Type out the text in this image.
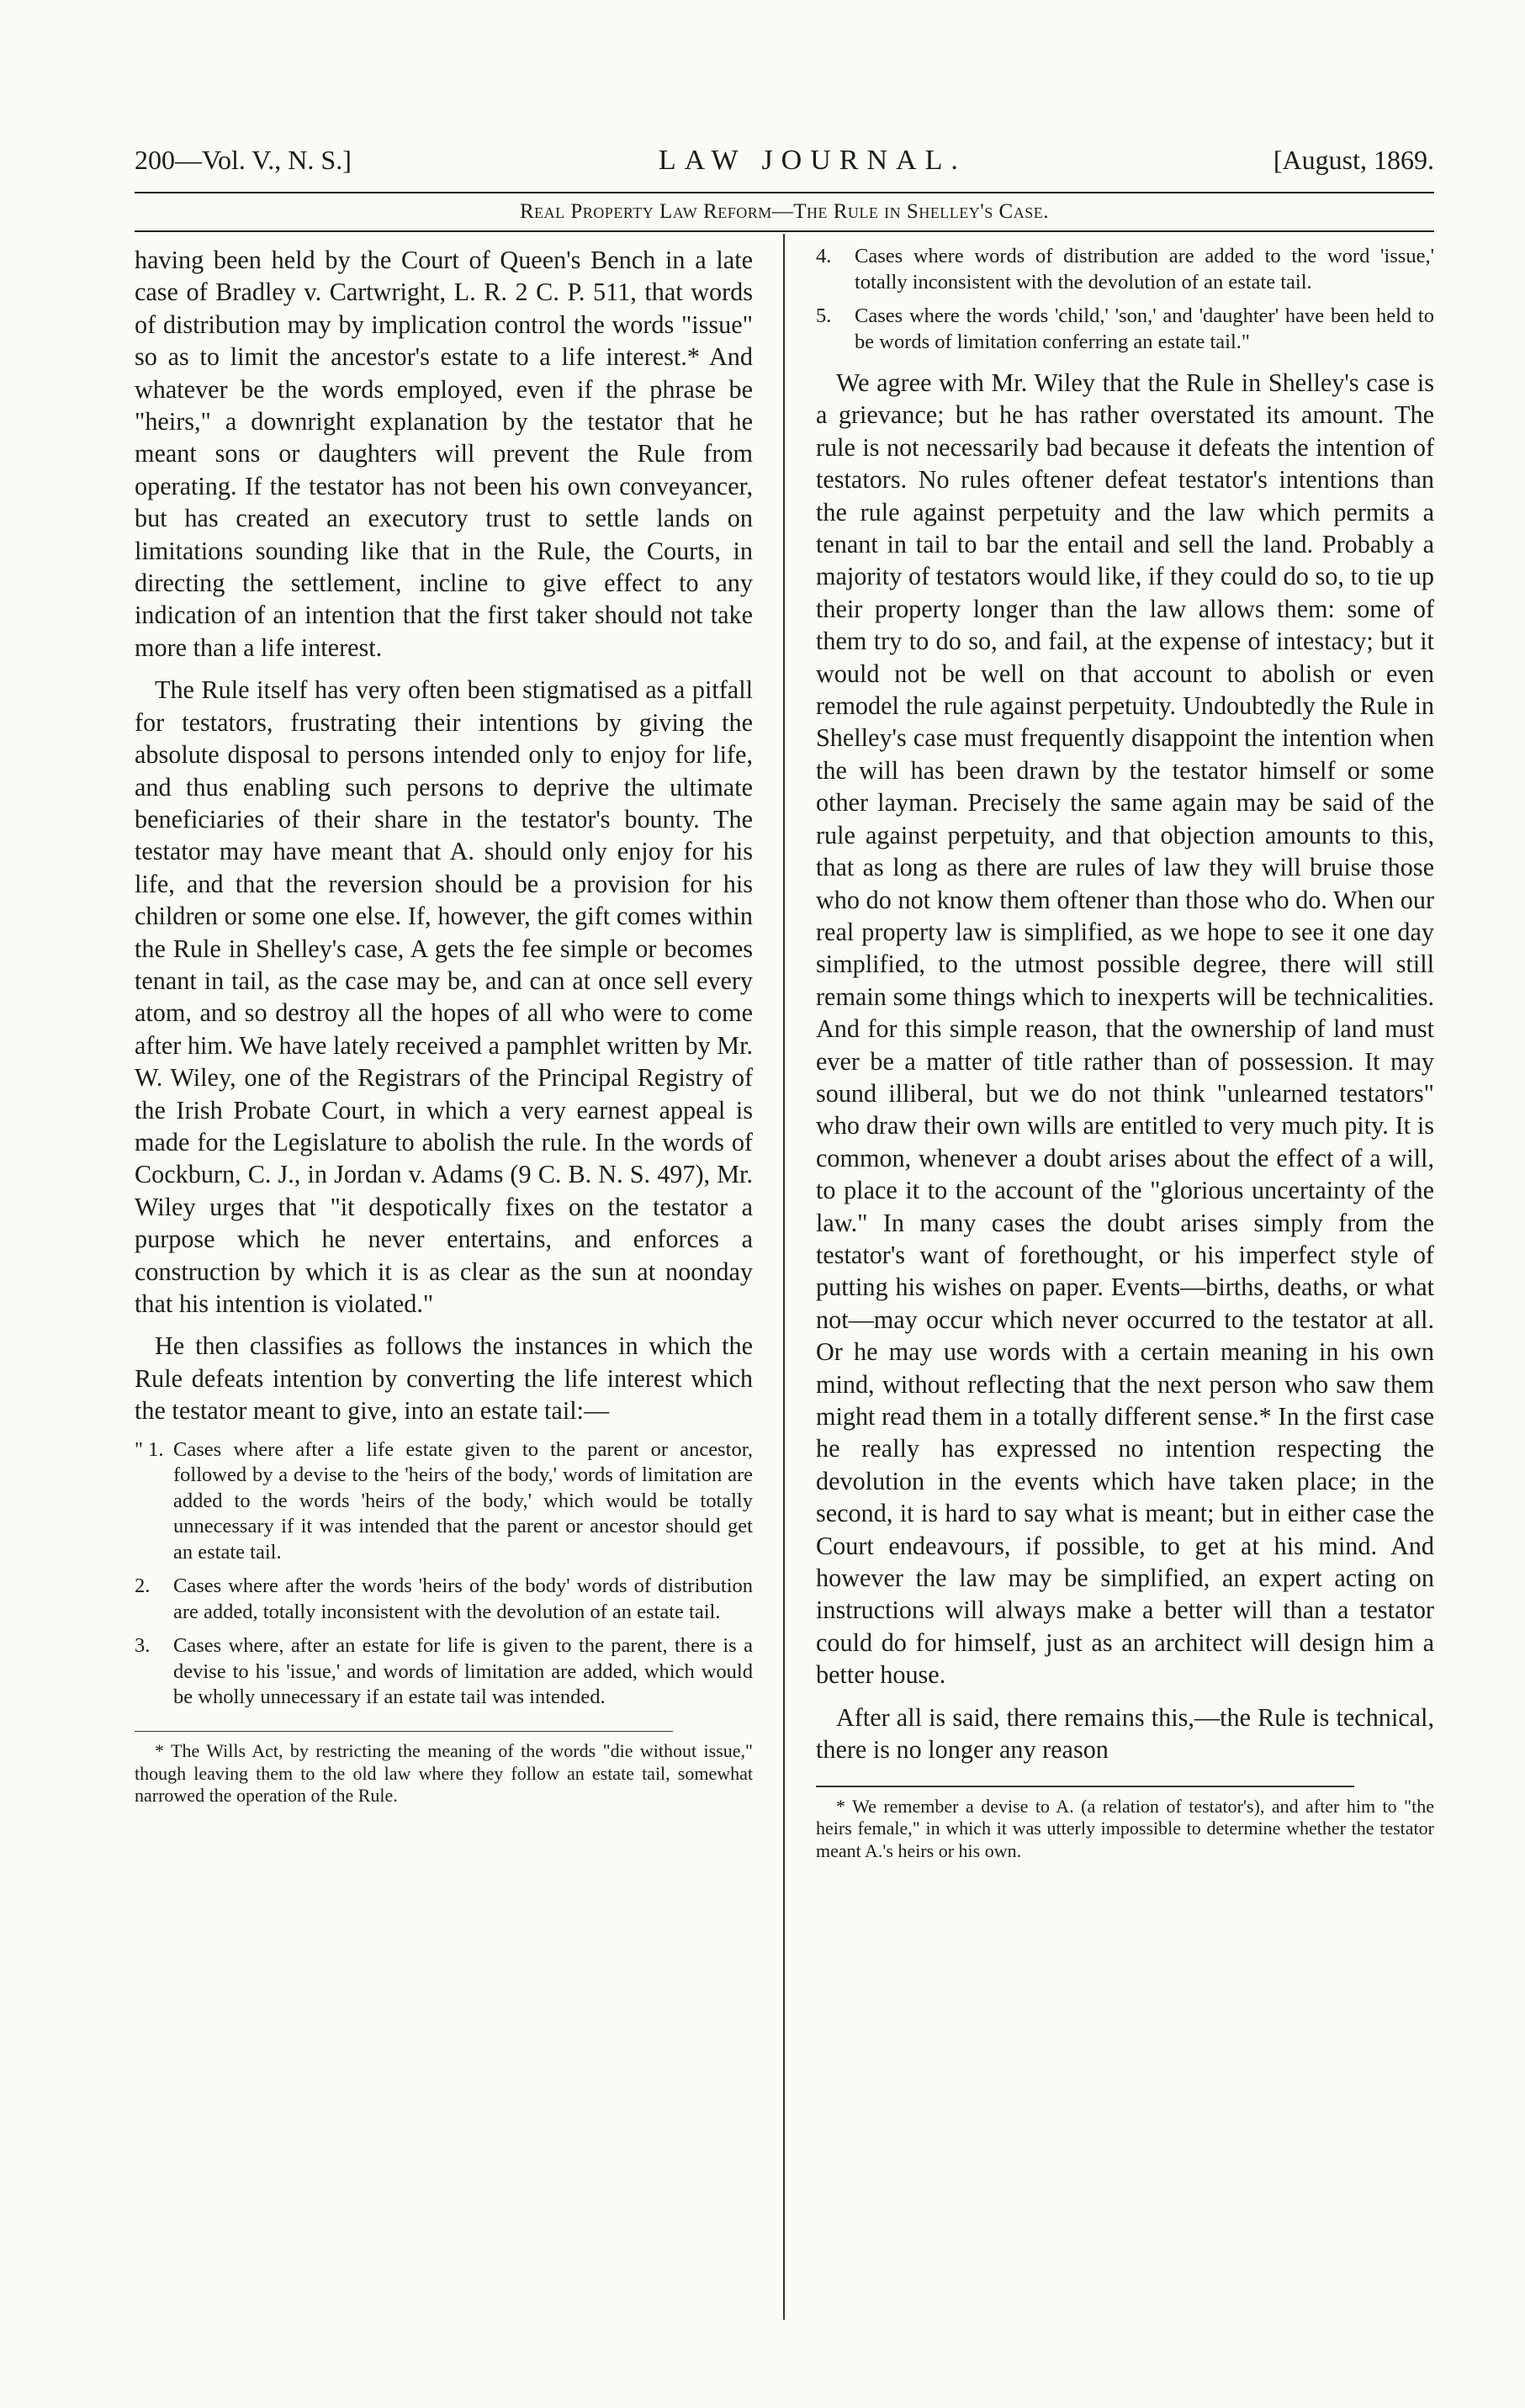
200—Vol. V., N. S.]	LAW JOURNAL.	[August, 1869.
Real Property Law Reform—The Rule in Shelley's Case.

having been held by the Court of Queen's Bench in a late case of Bradley v. Cartwright, L. R. 2 C. P. 511, that words of distribution may by implication control the words "issue" so as to limit the ancestor's estate to a life interest.* And whatever be the words employed, even if the phrase be "heirs," a downright explanation by the testator that he meant sons or daughters will prevent the Rule from operating. If the testator has not been his own conveyancer, but has created an executory trust to settle lands on limitations sounding like that in the Rule, the Courts, in directing the settlement, incline to give effect to any indication of an intention that the first taker should not take more than a life interest.

The Rule itself has very often been stigmatised as a pitfall for testators, frustrating their intentions by giving the absolute disposal to persons intended only to enjoy for life, and thus enabling such persons to deprive the ultimate beneficiaries of their share in the testator's bounty. The testator may have meant that A. should only enjoy for his life, and that the reversion should be a provision for his children or some one else. If, however, the gift comes within the Rule in Shelley's case, A gets the fee simple or becomes tenant in tail, as the case may be, and can at once sell every atom, and so destroy all the hopes of all who were to come after him. We have lately received a pamphlet written by Mr. W. Wiley, one of the Registrars of the Principal Registry of the Irish Probate Court, in which a very earnest appeal is made for the Legislature to abolish the rule. In the words of Cockburn, C. J., in Jordan v. Adams (9 C. B. N. S. 497), Mr. Wiley urges that "it despotically fixes on the testator a purpose which he never entertains, and enforces a construction by which it is as clear as the sun at noonday that his intention is violated."

He then classifies as follows the instances in which the Rule defeats intention by converting the life interest which the testator meant to give, into an estate tail:—

" 1. Cases where after a life estate given to the parent or ancestor, followed by a devise to the 'heirs of the body,' words of limitation are added to the words 'heirs of the body,' which would be totally unnecessary if it was intended that the parent or ancestor should get an estate tail.
2.	Cases where after the words 'heirs of the body' words of distribution are added, totally inconsistent with the devolution of an estate tail.
3.	Cases where, after an estate for life is given to the parent, there is a devise to his 'issue,' and words of limitation are added, which would be wholly unnecessary if an estate tail was intended.
* The Wills Act, by restricting the meaning of the words "die without issue," though leaving them to the old law where they follow an estate tail, somewhat narrowed the operation of the Rule.
4.	Cases where words of distribution are added to the word 'issue,' totally inconsistent with the devolution of an estate tail.
5.	Cases where the words 'child,' 'son,' and 'daughter' have been held to be words of limitation conferring an estate tail."

We agree with Mr. Wiley that the Rule in Shelley's case is a grievance; but he has rather overstated its amount. The rule is not necessarily bad because it defeats the intention of testators. No rules oftener defeat testator's intentions than the rule against perpetuity and the law which permits a tenant in tail to bar the entail and sell the land. Probably a majority of testators would like, if they could do so, to tie up their property longer than the law allows them: some of them try to do so, and fail, at the expense of intestacy; but it would not be well on that account to abolish or even remodel the rule against perpetuity. Undoubtedly the Rule in Shelley's case must frequently disappoint the intention when the will has been drawn by the testator himself or some other layman. Precisely the same again may be said of the rule against perpetuity, and that objection amounts to this, that as long as there are rules of law they will bruise those who do not know them oftener than those who do. When our real property law is simplified, as we hope to see it one day simplified, to the utmost possible degree, there will still remain some things which to inexperts will be technicalities. And for this simple reason, that the ownership of land must ever be a matter of title rather than of possession. It may sound illiberal, but we do not think "unlearned testators" who draw their own wills are entitled to very much pity. It is common, whenever a doubt arises about the effect of a will, to place it to the account of the "glorious uncertainty of the law." In many cases the doubt arises simply from the testator's want of forethought, or his imperfect style of putting his wishes on paper. Events—births, deaths, or what not—may occur which never occurred to the testator at all. Or he may use words with a certain meaning in his own mind, without reflecting that the next person who saw them might read them in a totally different sense.* In the first case he really has expressed no intention respecting the devolution in the events which have taken place; in the second, it is hard to say what is meant; but in either case the Court endeavours, if possible, to get at his mind. And however the law may be simplified, an expert acting on instructions will always make a better will than a testator could do for himself, just as an architect will design him a better house.

After all is said, there remains this,—the Rule is technical, there is no longer any reason

* We remember a devise to A. (a relation of testator's), and after him to "the heirs female," in which it was utterly impossible to determine whether the testator meant A.'s heirs or his own.
